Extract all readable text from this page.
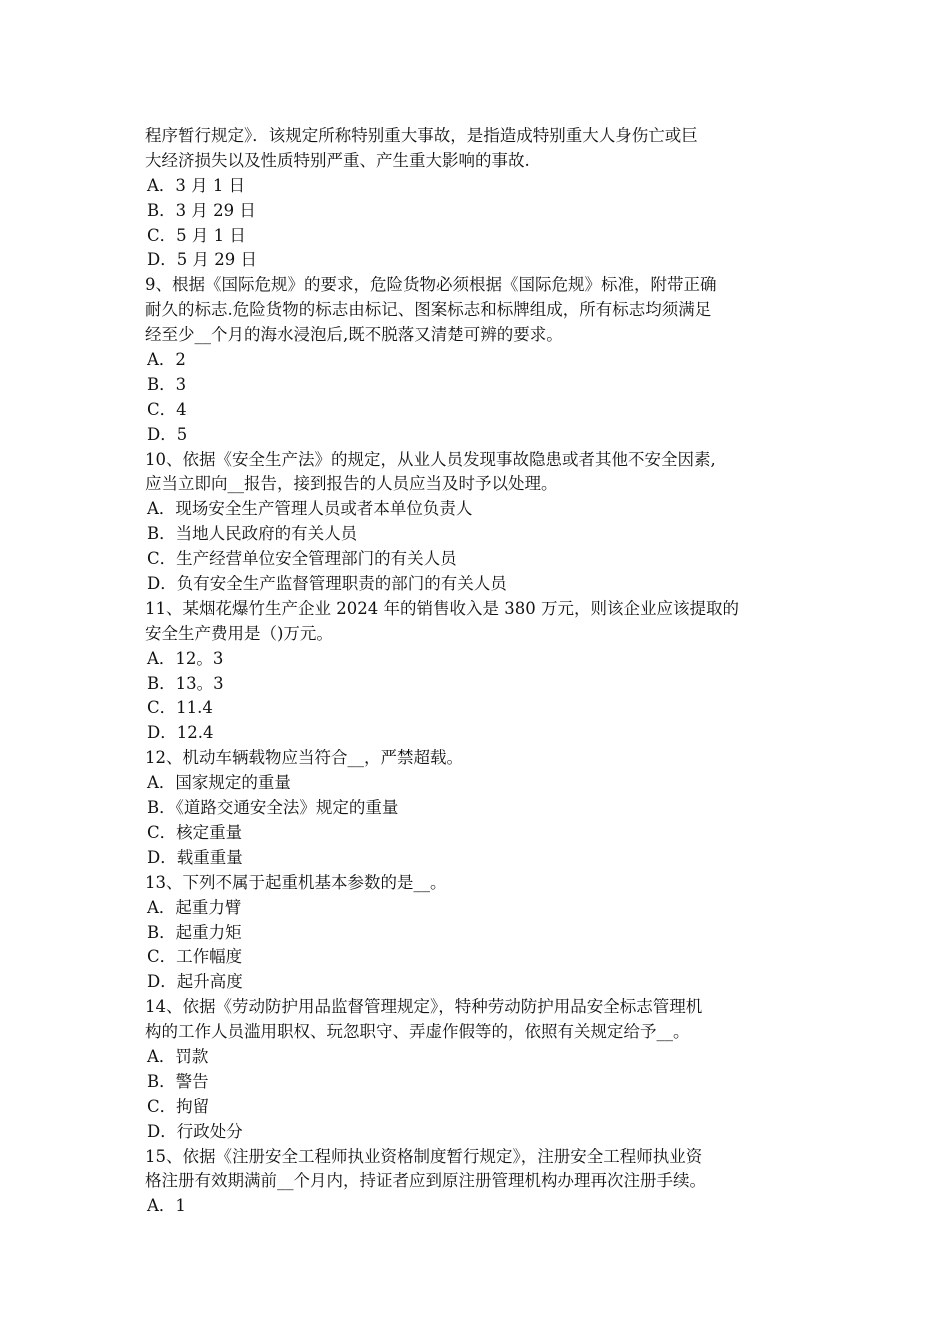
程序暂行规定》．该规定所称特别重大事故，是指造成特别重大人身伤亡或巨
大经济损失以及性质特别严重、产生重大影响的事故.
A．3 月 1 日
B．3 月 29 日
C．5 月 1 日
D．5 月 29 日
9、根据《国际危规》的要求，危险货物必须根据《国际危规》标准，附带正确
耐久的标志.危险货物的标志由标记、图案标志和标牌组成，所有标志均须满足
经至少__个月的海水浸泡后,既不脱落又清楚可辨的要求。
A．2
B．3
C．4
D．5
10、依据《安全生产法》的规定，从业人员发现事故隐患或者其他不安全因素,
应当立即向__报告，接到报告的人员应当及时予以处理。
A．现场安全生产管理人员或者本单位负责人
B．当地人民政府的有关人员
C．生产经营单位安全管理部门的有关人员
D．负有安全生产监督管理职责的部门的有关人员
11、某烟花爆竹生产企业 2024 年的销售收入是 380 万元，则该企业应该提取的
安全生产费用是（)万元。
A．12。3
B．13。3
C．11.4
D．12.4
12、机动车辆载物应当符合__，严禁超载。
A．国家规定的重量
B．《道路交通安全法》规定的重量
C．核定重量
D．载重重量
13、下列不属于起重机基本参数的是__。
A．起重力臂
B．起重力矩
C．工作幅度
D．起升高度
14、依据《劳动防护用品监督管理规定》，特种劳动防护用品安全标志管理机
构的工作人员滥用职权、玩忽职守、弄虚作假等的，依照有关规定给予__。
A．罚款
B．警告
C．拘留
D．行政处分
15、依据《注册安全工程师执业资格制度暂行规定》，注册安全工程师执业资
格注册有效期满前__个月内，持证者应到原注册管理机构办理再次注册手续。
A．1
